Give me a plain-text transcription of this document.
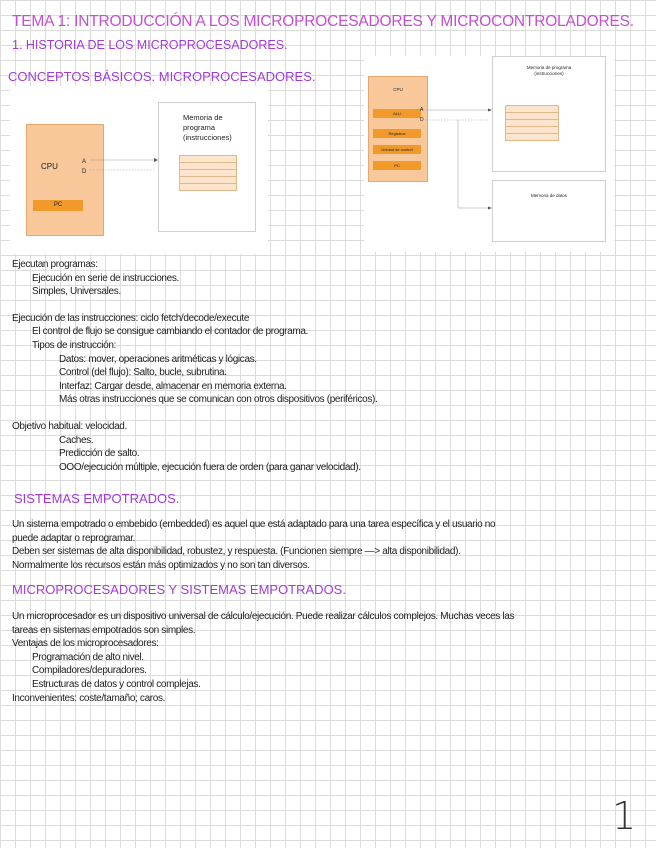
TEMA 1: INTRODUCCIÓN A LOS MICROPROCESADORES Y MICROCONTROLADORES.
1. HISTORIA DE LOS MICROPROCESADORES.
CONCEPTOS BÁSICOS. MICROPROCESADORES.
CPU
PC
A
D
Memoria de
programa
(instrucciones)
CPU
ALU
Registros
Unidad de control
PC
A
D
Memoria de programa
(instrucciones)
Memoria de datos

Ejecutan programas:

• Ejecución en serie de instrucciones.

• Simples, Universales.

Ejecución de las instrucciones: ciclo fetch/decode/execute

• El control de flujo se consigue cambiando el contador de programa.

• Tipos de instrucción:

• Datos: mover, operaciones aritméticas y lógicas.

• Control (del flujo): Salto, bucle, subrutina.

• Interfaz: Cargar desde, almacenar en memoria externa.

• Más otras instrucciones que se comunican con otros dispositivos (periféricos).

Objetivo habitual: velocidad.

• Caches.

• Predicción de salto.

• OOO/ejecución múltiple, ejecución fuera de orden (para ganar velocidad).

SISTEMAS EMPOTRADOS.

Un sistema empotrado o embebido (embedded) es aquel que está adaptado para una tarea específica y el usuario no

puede adaptar o reprogramar.

Deben ser sistemas de alta disponibilidad, robustez, y respuesta. (Funcionen siempre —> alta disponibilidad).

Normalmente los recursos están más optimizados y no son tan diversos.

MICROPROCESADORES Y SISTEMAS EMPOTRADOS.

Un microprocesador es un dispositivo universal de cálculo/ejecución. Puede realizar cálculos complejos. Muchas veces las

tareas en sistemas empotrados son simples.

Ventajas de los microprocesadores:

• Programación de alto nivel.

• Compiladores/depuradores.

• Estructuras de datos y control complejas.

Inconvenientes: coste/tamaño; caros.

1
